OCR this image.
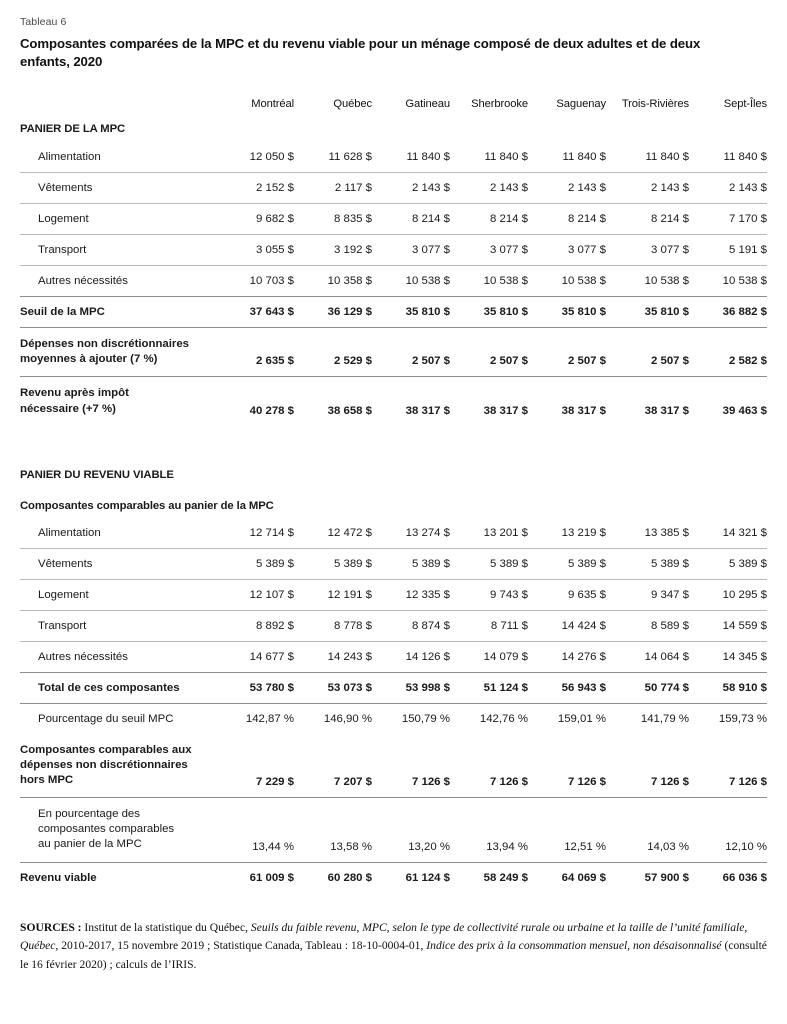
Tableau 6
Composantes comparées de la MPC et du revenu viable pour un ménage composé de deux adultes et de deux enfants, 2020
	Montréal	Québec	Gatineau	Sherbrooke	Saguenay	Trois-Rivières	Sept-Îles
PANIER DE LA MPC							
Alimentation	12 050 $	11 628 $	11 840 $	11 840 $	11 840 $	11 840 $	11 840 $
Vêtements	2 152 $	2 117 $	2 143 $	2 143 $	2 143 $	2 143 $	2 143 $
Logement	9 682 $	8 835 $	8 214 $	8 214 $	8 214 $	8 214 $	7 170 $
Transport	3 055 $	3 192 $	3 077 $	3 077 $	3 077 $	3 077 $	5 191 $
Autres nécessités	10 703 $	10 358 $	10 538 $	10 538 $	10 538 $	10 538 $	10 538 $
Seuil de la MPC	37 643 $	36 129 $	35 810 $	35 810 $	35 810 $	35 810 $	36 882 $
Dépenses non discrétionnaires
moyennes à ajouter (7 %)	2 635 $	2 529 $	2 507 $	2 507 $	2 507 $	2 507 $	2 582 $
Revenu après impôt
nécessaire (+7 %)	40 278 $	38 658 $	38 317 $	38 317 $	38 317 $	38 317 $	39 463 $

PANIER DU REVENU VIABLE							
Composantes comparables au panier de la MPC							
Alimentation	12 714 $	12 472 $	13 274 $	13 201 $	13 219 $	13 385 $	14 321 $
Vêtements	5 389 $	5 389 $	5 389 $	5 389 $	5 389 $	5 389 $	5 389 $
Logement	12 107 $	12 191 $	12 335 $	9 743 $	9 635 $	9 347 $	10 295 $
Transport	8 892 $	8 778 $	8 874 $	8 711 $	14 424 $	8 589 $	14 559 $
Autres nécessités	14 677 $	14 243 $	14 126 $	14 079 $	14 276 $	14 064 $	14 345 $
Total de ces composantes	53 780 $	53 073 $	53 998 $	51 124 $	56 943 $	50 774 $	58 910 $
Pourcentage du seuil MPC	142,87 %	146,90 %	150,79 %	142,76 %	159,01 %	141,79 %	159,73 %
Composantes comparables aux
dépenses non discrétionnaires
hors MPC	7 229 $	7 207 $	7 126 $	7 126 $	7 126 $	7 126 $	7 126 $
En pourcentage des
composantes comparables
au panier de la MPC	13,44 %	13,58 %	13,20 %	13,94 %	12,51 %	14,03 %	12,10 %
Revenu viable	61 009 $	60 280 $	61 124 $	58 249 $	64 069 $	57 900 $	66 036 $
SOURCES : Institut de la statistique du Québec, Seuils du faible revenu, MPC, selon le type de collectivité rurale ou urbaine et la taille de l’unité familiale, Québec, 2010-2017, 15 novembre 2019 ; Statistique Canada, Tableau : 18-10-0004-01, Indice des prix à la consommation mensuel, non désaisonnalisé (consulté le 16 février 2020) ; calculs de l’IRIS.
